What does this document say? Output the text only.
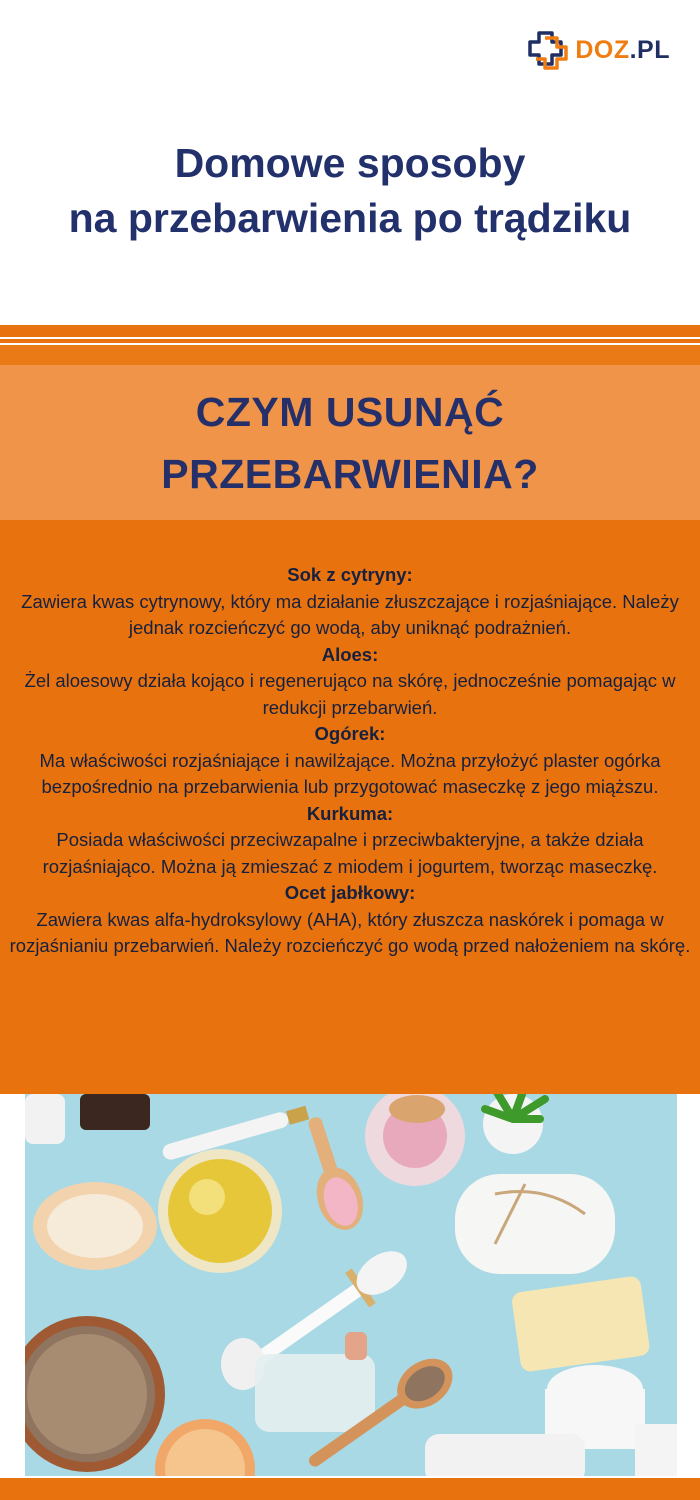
DOZ.PL
Domowe sposoby
na przebarwienia po trądziku
CZYM USUNĄĆ
PRZEBARWIENIA?
Sok z cytryny:
Zawiera kwas cytrynowy, który ma działanie złuszczające i rozjaśniające. Należy jednak rozcieńczyć go wodą, aby uniknąć podrażnień.
Aloes:
Żel aloesowy działa kojąco i regenerująco na skórę, jednocześnie pomagając w redukcji przebarwień.
Ogórek:
Ma właściwości rozjaśniające i nawilżające. Można przyłożyć plaster ogórka bezpośrednio na przebarwienia lub przygotować maseczkę z jego miąższu.
Kurkuma:
Posiada właściwości przeciwzapalne i przeciwbakteryjne, a także działa rozjaśniająco. Można ją zmieszać z miodem i jogurtem, tworząc maseczkę.
Ocet jabłkowy:
Zawiera kwas alfa-hydroksylowy (AHA), który złuszcza naskórek i pomaga w rozjaśnianiu przebarwień. Należy rozcieńczyć go wodą przed nałożeniem na skórę.
